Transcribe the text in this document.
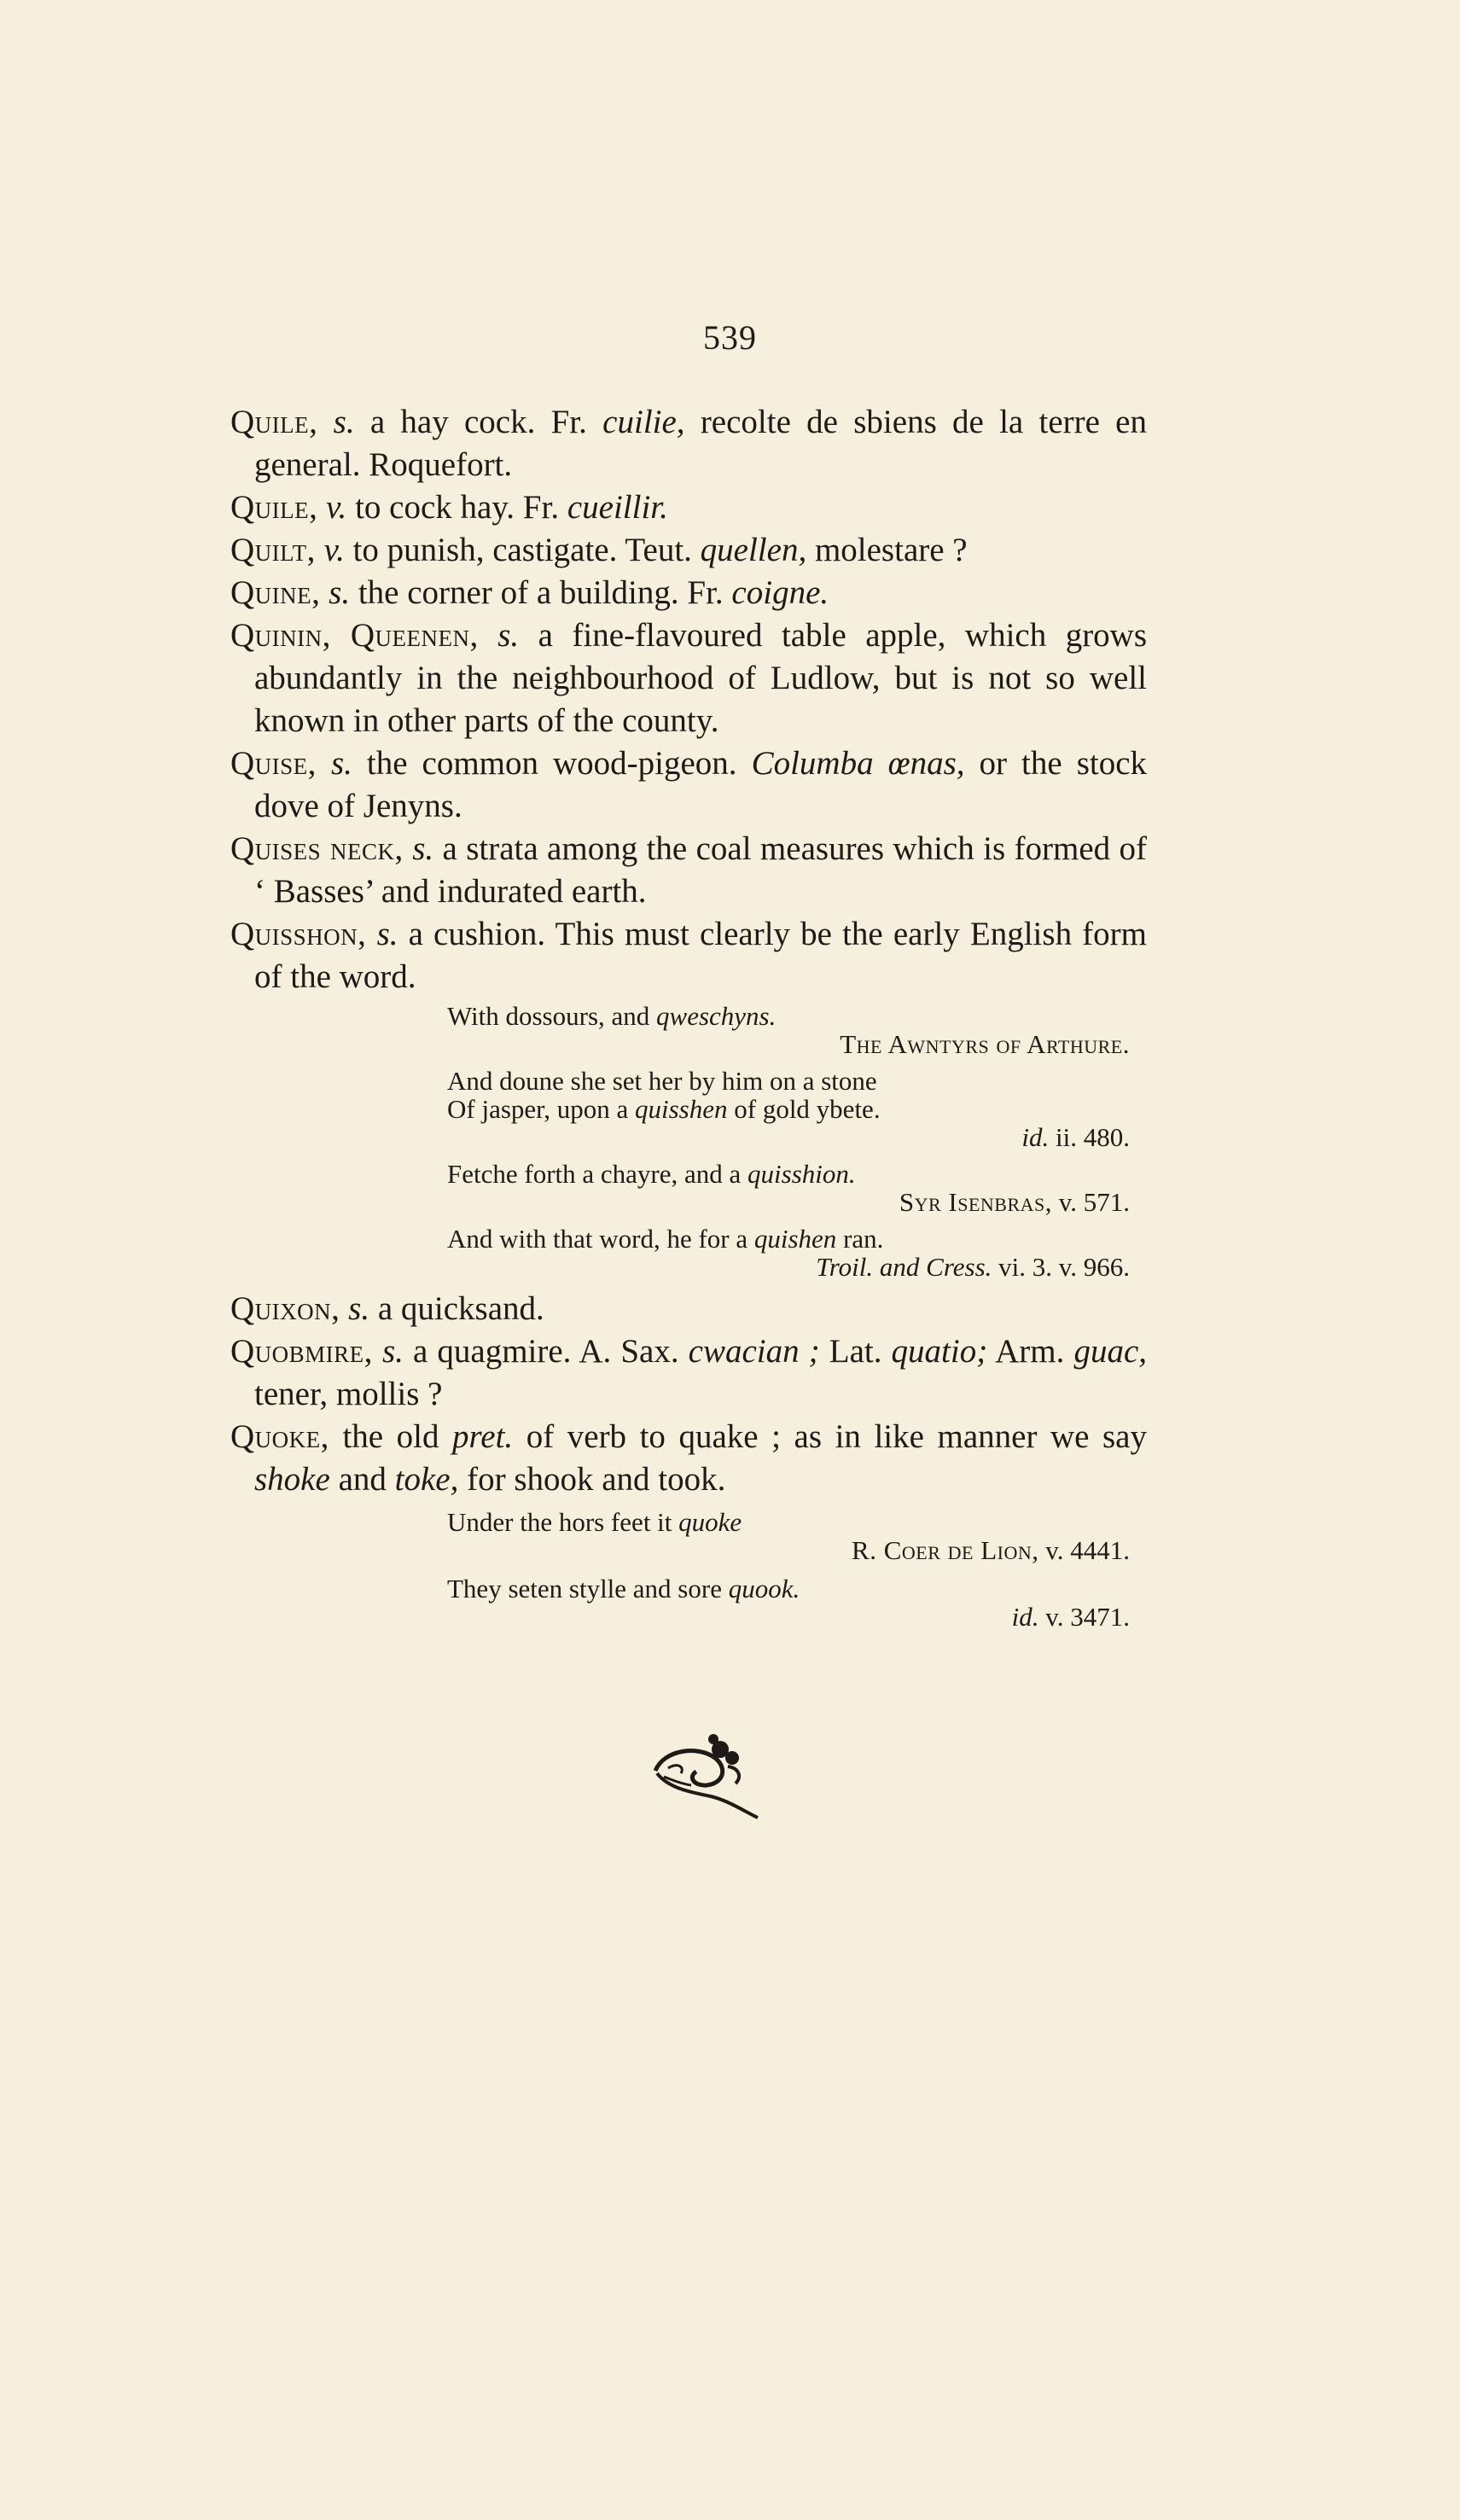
539
Quile, s. a hay cock. Fr. cuilie, recolte de sbiens de la terre en general. Roquefort.
Quile, v. to cock hay. Fr. cueillir.
Quilt, v. to punish, castigate. Teut. quellen, molestare ?
Quine, s. the corner of a building. Fr. coigne.
Quinin, Queenen, s. a fine-flavoured table apple, which grows abundantly in the neighbourhood of Ludlow, but is not so well known in other parts of the county.
Quise, s. the common wood-pigeon. Columba œnas, or the stock dove of Jenyns.
Quises neck, s. a strata among the coal measures which is formed of ‘ Basses’ and indurated earth.
Quisshon, s. a cushion. This must clearly be the early English form of the word.
With dossours, and qweschyns.
The Awntyrs of Arthure.
And doune she set her by him on a stone
Of jasper, upon a quisshen of gold ybete.
id. ii. 480.
Fetche forth a chayre, and a quisshion.
Syr Isenbras, v. 571.
And with that word, he for a quishen ran.
Troil. and Cress. vi. 3. v. 966.
Quixon, s. a quicksand.
Quobmire, s. a quagmire. A. Sax. cwacian ; Lat. quatio; Arm. guac, tener, mollis ?
Quoke, the old pret. of verb to quake ; as in like manner we say shoke and toke, for shook and took.
Under the hors feet it quoke
R. Coer de Lion, v. 4441.
They seten stylle and sore quook.
id. v. 3471.
